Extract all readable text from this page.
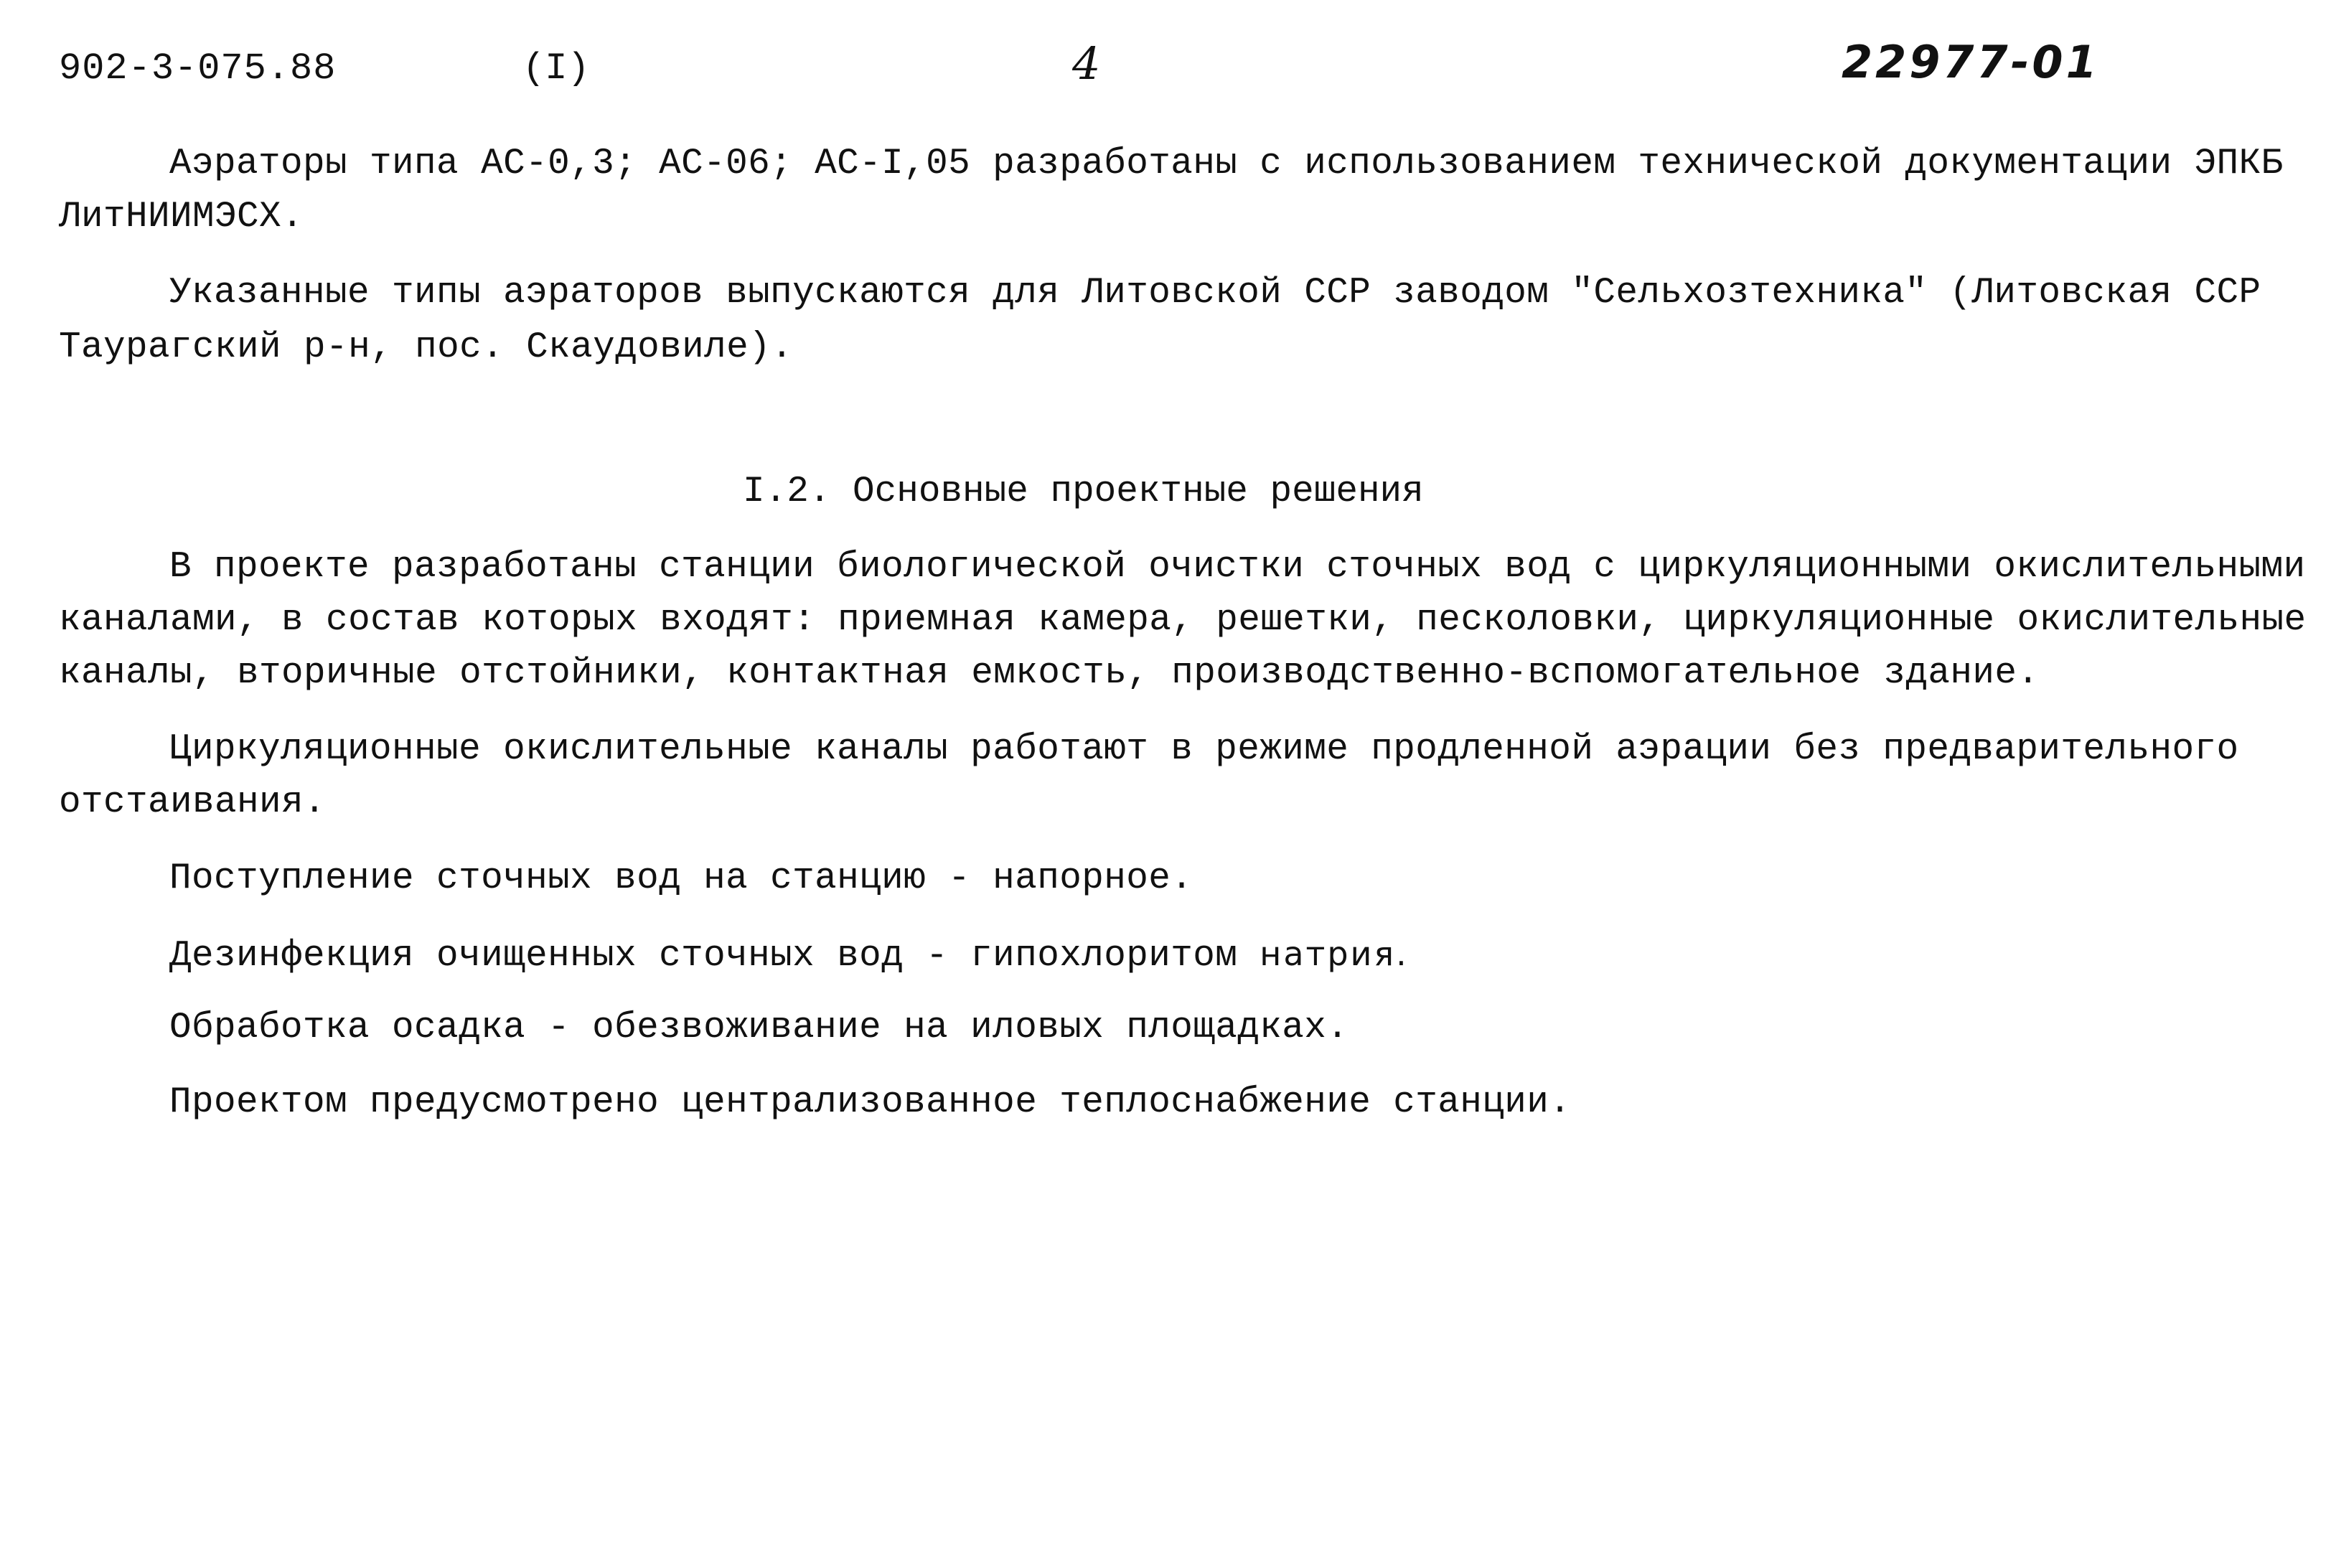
902-3-075.88	(I)	4	22977-01
Аэраторы типа АС-0,3; АС-06; АС-I,05 разработаны с использованием технической документации ЭПКБ
ЛитНИИМЭСХ.
Указанные типы аэраторов выпускаются для Литовской ССР заводом "Сельхозтехника" (Литовская ССР
Таурагский р-н, пос. Скаудовиле).
I.2. Основные проектные решения
В проекте разработаны станции биологической очистки сточных вод с циркуляционными окислительными
каналами, в состав которых входят: приемная камера, решетки, песколовки, циркуляционные окислительные
каналы, вторичные отстойники, контактная емкость, производственно-вспомогательное здание.
Циркуляционные окислительные каналы работают в режиме продленной аэрации без предварительного
отстаивания.
Поступление сточных вод на станцию - напорное.
Дезинфекция очищенных сточных вод - гипохлоритом натрия.
Обработка осадка - обезвоживание на иловых площадках.
Проектом предусмотрено централизованное теплоснабжение станции.
